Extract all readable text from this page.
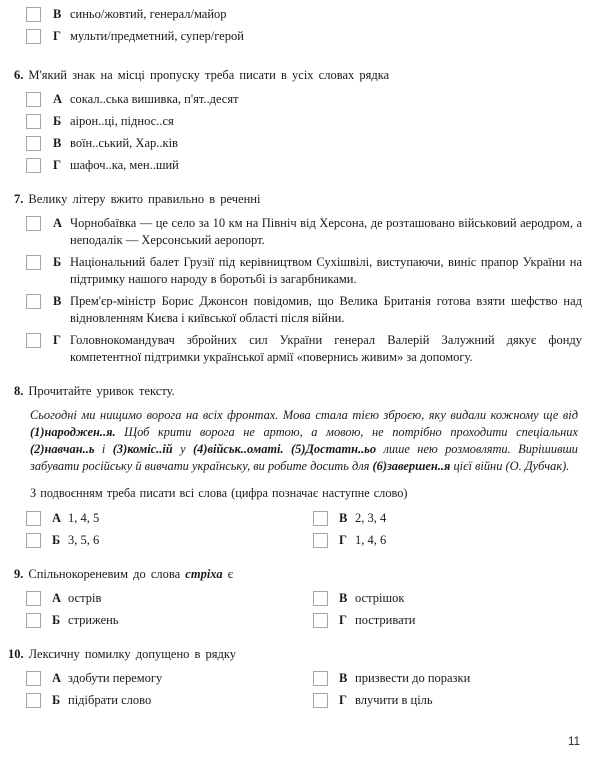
В синьо/жовтий, генерал/майор
Г мульти/предметний, супер/герой
6. М'який знак на місці пропуску треба писати в усіх словах рядка
А сокал..ська вишивка, п'ят..десят
Б аірон..ці, піднос..ся
В воїн..ський, Хар..ків
Г шафоч..ка, мен..ший
7. Велику літеру вжито правильно в реченні
А Чорнобаївка — це село за 10 км на Північ від Херсона, де розташовано військовий аеродром, а неподалік — Херсонський аеропорт.
Б Національний балет Грузії під керівництвом Сухішвілі, виступаючи, виніс прапор України на підтримку нашого народу в боротьбі із загарбниками.
В Прем'єр-міністр Борис Джонсон повідомив, що Велика Британія готова взяти шефство над відновленням Києва і київської області після війни.
Г Головнокомандувач збройних сил України генерал Валерій Залужний дякує фонду компетентної підтримки української армії «повернись живим» за допомогу.
8. Прочитайте уривок тексту.
Сьогодні ми нищимо ворога на всіх фронтах. Мова стала тією зброєю, яку видали кожному ще від (1)народжен..я. Щоб крити ворога не артою, а мовою, не потрібно проходити спеціальних (2)навчан..ь і (3)коміс..ій у (4)військ..оматі. (5)Достатн..ьо лише нею розмовляти. Вирішивши забувати російську й вивчати українську, ви робите досить для (6)завершен..я цієї війни (О. Дубчак).
З подвоєнням треба писати всі слова (цифра позначає наступне слово)
А 1, 4, 5	В 2, 3, 4
Б 3, 5, 6	Г 1, 4, 6
9. Спільнокореневим до слова стріха є
А острів	В острішок
Б стрижень	Г постривати
10. Лексичну помилку допущено в рядку
А здобути перемогу	В призвести до поразки
Б підібрати слово	Г влучити в ціль
11
